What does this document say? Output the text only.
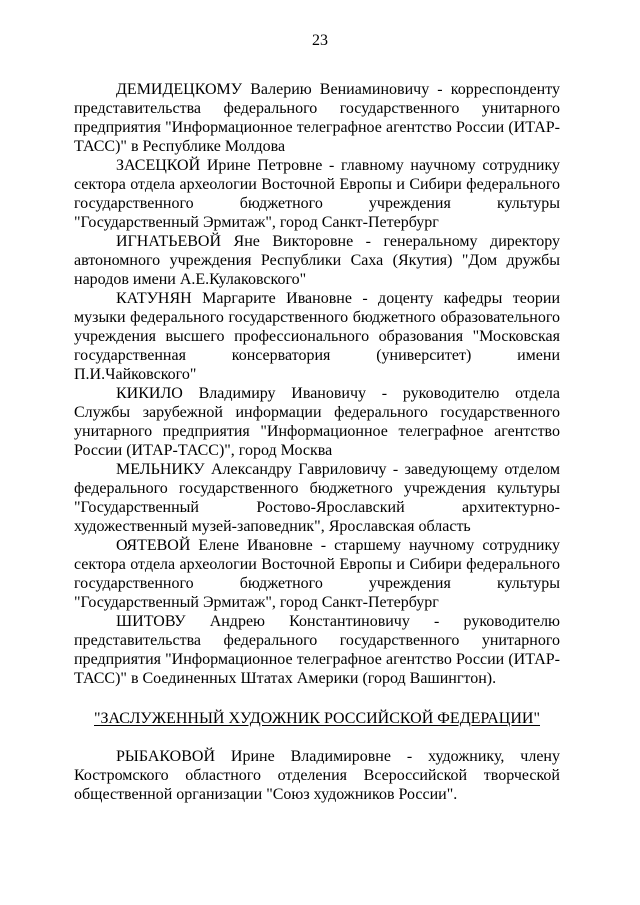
23

ДЕМИДЕЦКОМУ Валерию Вениаминовичу - корреспонденту представительства федерального государственного унитарного предприятия "Информационное телеграфное агентство России (ИТАР-ТАСС)" в Республике Молдова

ЗАСЕЦКОЙ Ирине Петровне - главному научному сотруднику сектора отдела археологии Восточной Европы и Сибири федерального государственного бюджетного учреждения культуры "Государственный Эрмитаж", город Санкт-Петербург

ИГНАТЬЕВОЙ Яне Викторовне - генеральному директору автономного учреждения Республики Саха (Якутия) "Дом дружбы народов имени А.Е.Кулаковского"

КАТУНЯН Маргарите Ивановне - доценту кафедры теории музыки федерального государственного бюджетного образовательного учреждения высшего профессионального образования "Московская государственная консерватория (университет) имени П.И.Чайковского"

КИКИЛО Владимиру Ивановичу - руководителю отдела Службы зарубежной информации федерального государственного унитарного предприятия "Информационное телеграфное агентство России (ИТАР-ТАСС)", город Москва

МЕЛЬНИКУ Александру Гавриловичу - заведующему отделом федерального государственного бюджетного учреждения культуры "Государственный Ростово-Ярославский архитектурно-художественный музей-заповедник", Ярославская область

ОЯТЕВОЙ Елене Ивановне - старшему научному сотруднику сектора отдела археологии Восточной Европы и Сибири федерального государственного бюджетного учреждения культуры "Государственный Эрмитаж", город Санкт-Петербург

ШИТОВУ Андрею Константиновичу - руководителю представительства федерального государственного унитарного предприятия "Информационное телеграфное агентство России (ИТАР-ТАСС)" в Соединенных Штатах Америки (город Вашингтон).

"ЗАСЛУЖЕННЫЙ ХУДОЖНИК РОССИЙСКОЙ ФЕДЕРАЦИИ"

РЫБАКОВОЙ Ирине Владимировне - художнику, члену Костромского областного отделения Всероссийской творческой общественной организации "Союз художников России".
